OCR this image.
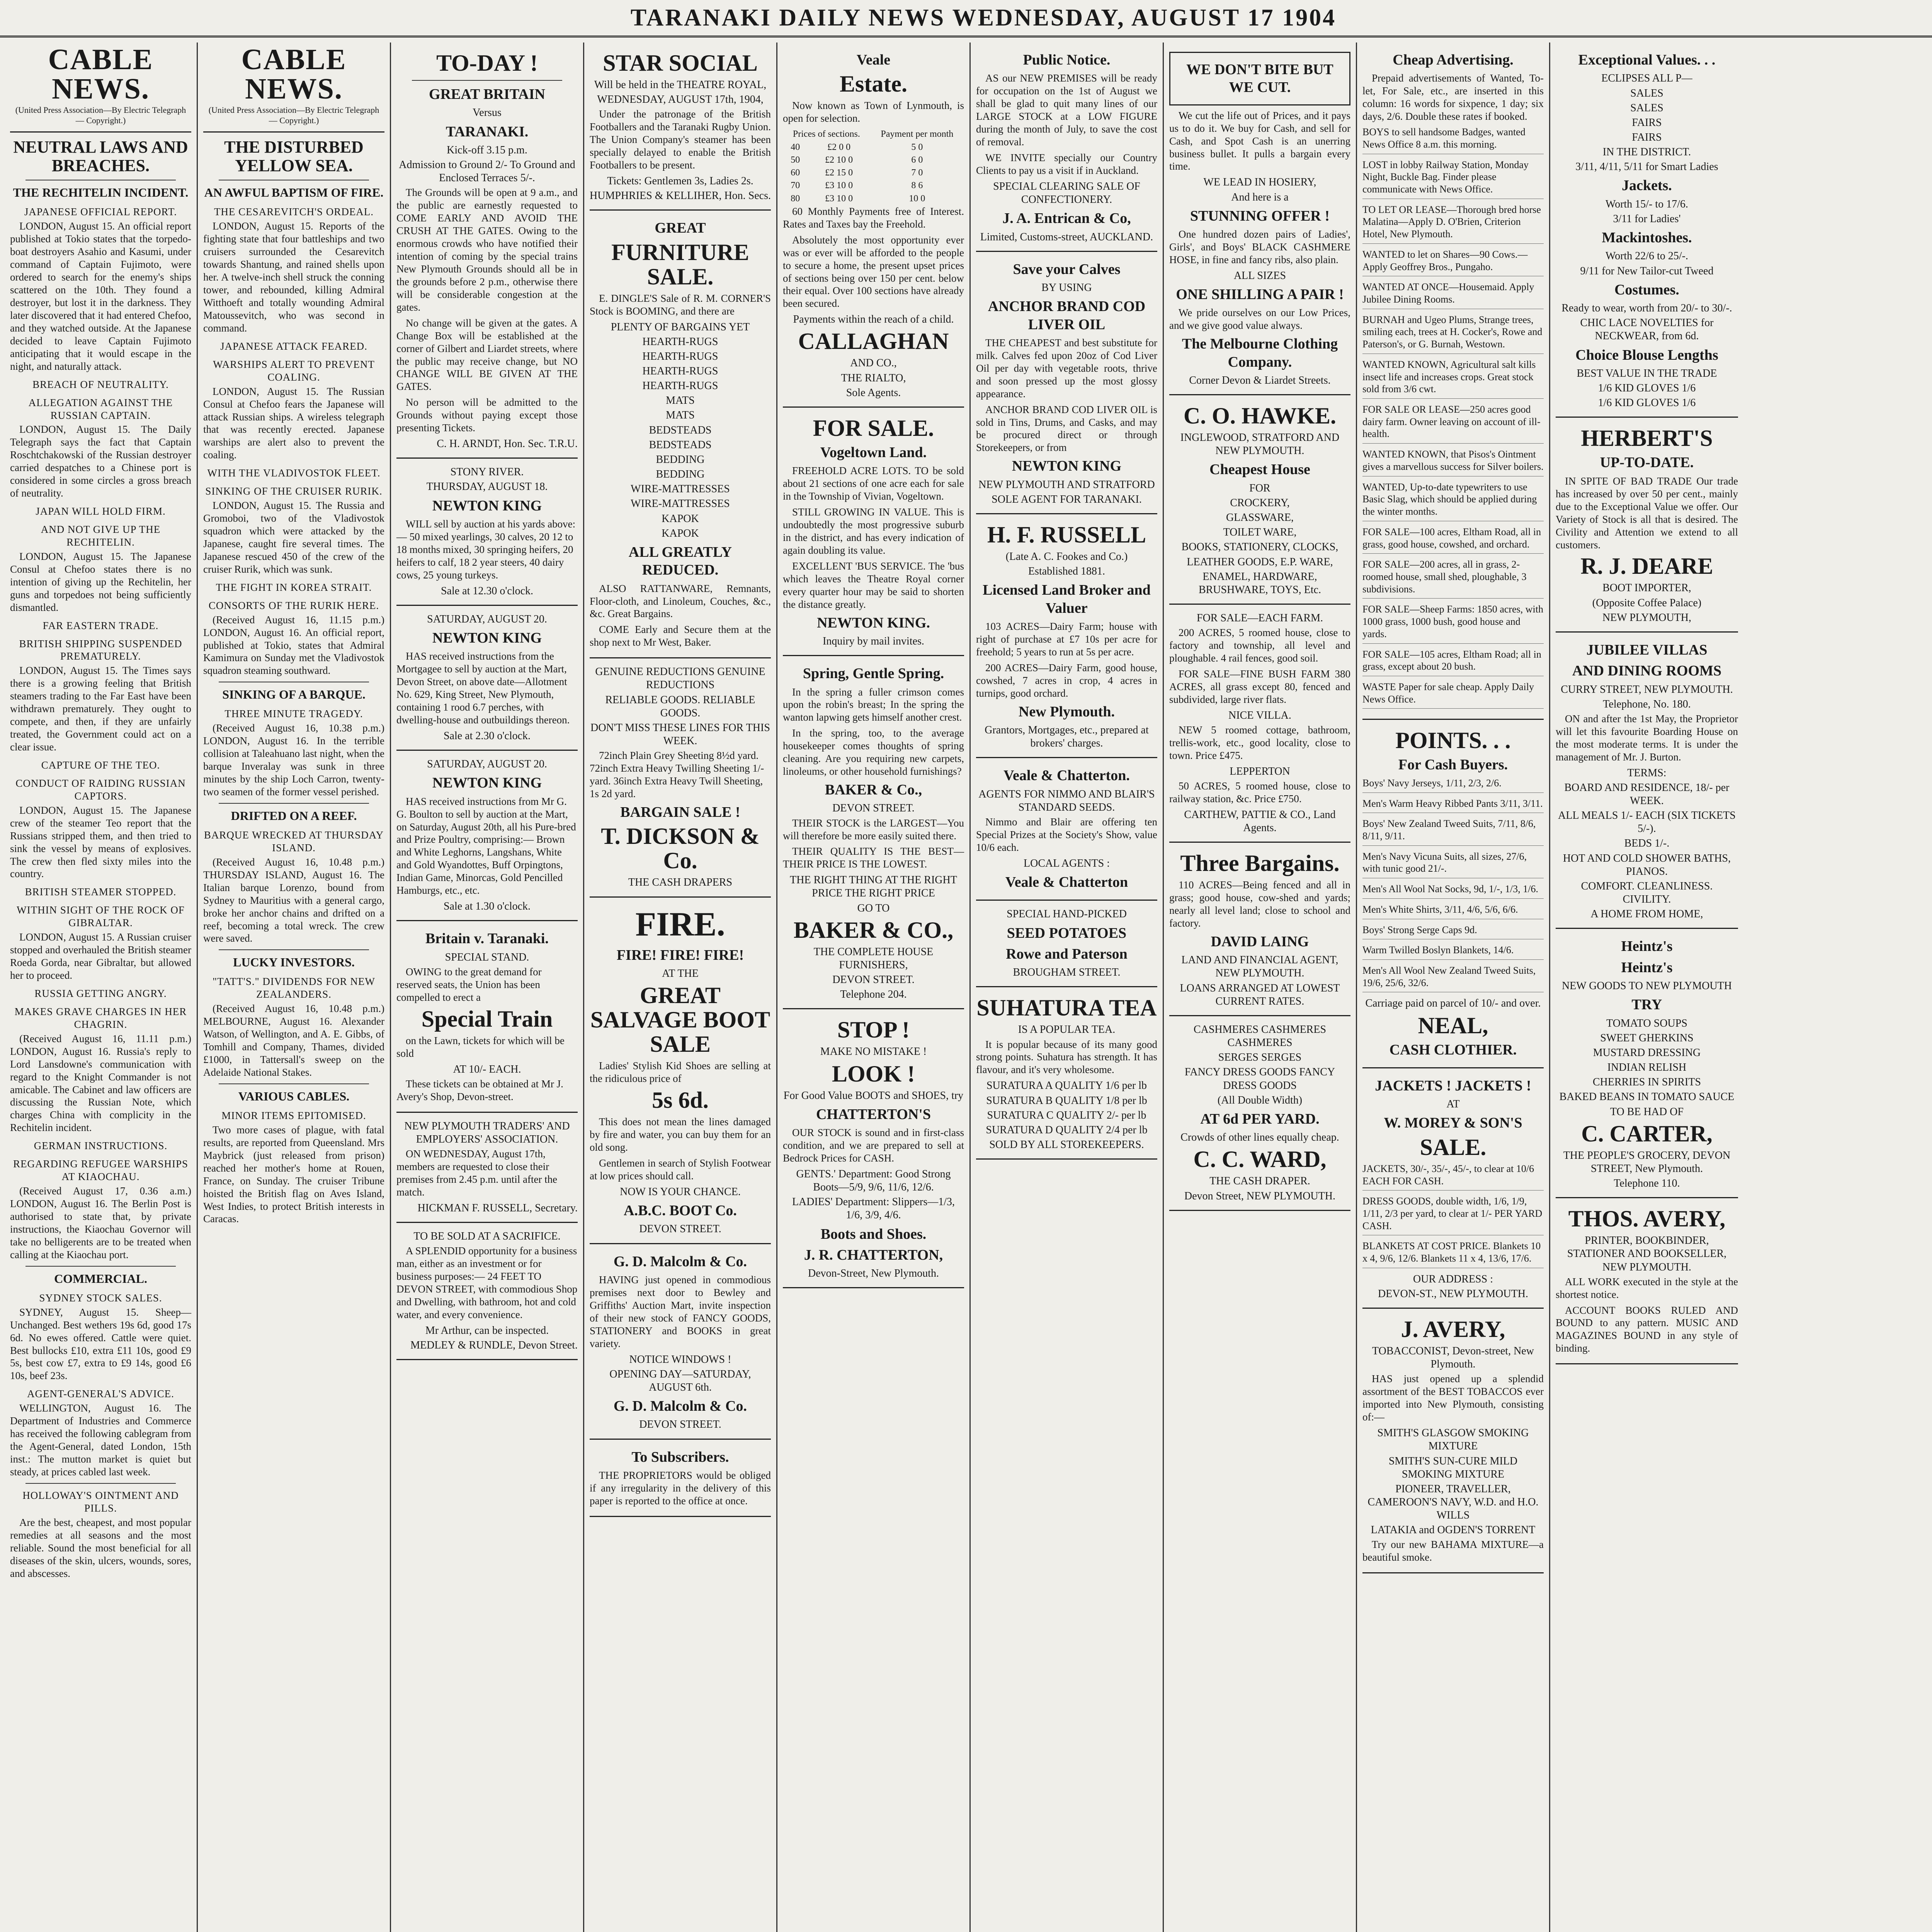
TARANAKI DAILY NEWS WEDNESDAY, AUGUST 17 1904
CABLE NEWS.
(United Press Association—By Electric Telegraph — Copyright.)
NEUTRAL LAWS AND BREACHES.
THE RECHITELIN INCIDENT.
JAPANESE OFFICIAL REPORT.

LONDON, August 15. An official report published at Tokio states that the torpedo-boat destroyers Asahio and Kasumi, under command of Captain Fujimoto, were ordered to search for the enemy's ships scattered on the 10th. They found a destroyer, but lost it in the darkness. They later discovered that it had entered Chefoo, and they watched outside. At the Japanese decided to leave Captain Fujimoto anticipating that it would escape in the night, and naturally attack.

BREACH OF NEUTRALITY.
ALLEGATION AGAINST THE RUSSIAN CAPTAIN.

LONDON, August 15. The Daily Telegraph says the fact that Captain Roschtchakowski of the Russian destroyer carried despatches to a Chinese port is considered in some circles a gross breach of neutrality.

JAPAN WILL HOLD FIRM.
AND NOT GIVE UP THE RECHITELIN.

LONDON, August 15. The Japanese Consul at Chefoo states there is no intention of giving up the Rechitelin, her guns and torpedoes not being sufficiently dismantled.

FAR EASTERN TRADE.
BRITISH SHIPPING SUSPENDED PREMATURELY.

LONDON, August 15. The Times says there is a growing feeling that British steamers trading to the Far East have been withdrawn prematurely. They ought to compete, and then, if they are unfairly treated, the Government could act on a clear issue.

CAPTURE OF THE TEO.
CONDUCT OF RAIDING RUSSIAN CAPTORS.

LONDON, August 15. The Japanese crew of the steamer Teo report that the Russians stripped them, and then tried to sink the vessel by means of explosives. The crew then fled sixty miles into the country.

BRITISH STEAMER STOPPED.
WITHIN SIGHT OF THE ROCK OF GIBRALTAR.

LONDON, August 15. A Russian cruiser stopped and overhauled the British steamer Roeda Gorda, near Gibraltar, but allowed her to proceed.

RUSSIA GETTING ANGRY.
MAKES GRAVE CHARGES IN HER CHAGRIN.

(Received August 16, 11.11 p.m.) LONDON, August 16. Russia's reply to Lord Lansdowne's communication with regard to the Knight Commander is not amicable. The Cabinet and law officers are discussing the Russian Note, which charges China with complicity in the Rechitelin incident.

GERMAN INSTRUCTIONS.
REGARDING REFUGEE WARSHIPS AT KIAOCHAU.

(Received August 17, 0.36 a.m.) LONDON, August 16. The Berlin Post is authorised to state that, by private instructions, the Kiaochau Governor will take no belligerents are to be treated when calling at the Kiaochau port.

COMMERCIAL.
SYDNEY STOCK SALES.

SYDNEY, August 15. Sheep—Unchanged. Best wethers 19s 6d, good 17s 6d. No ewes offered. Cattle were quiet. Best bullocks £10, extra £11 10s, good £9 5s, best cow £7, extra to £9 14s, good £6 10s, beef 23s.

AGENT-GENERAL'S ADVICE.

WELLINGTON, August 16. The Department of Industries and Commerce has received the following cablegram from the Agent-General, dated London, 15th inst.: The mutton market is quiet but steady, at prices cabled last week.

HOLLOWAY'S OINTMENT AND PILLS.

Are the best, cheapest, and most popular remedies at all seasons and the most reliable. Sound the most beneficial for all diseases of the skin, ulcers, wounds, sores, and abscesses.

CABLE NEWS.
(United Press Association—By Electric Telegraph — Copyright.)
THE DISTURBED YELLOW SEA.
AN AWFUL BAPTISM OF FIRE.
THE CESAREVITCH'S ORDEAL.

LONDON, August 15. Reports of the fighting state that four battleships and two cruisers surrounded the Cesarevitch towards Shantung, and rained shells upon her. A twelve-inch shell struck the conning tower, and rebounded, killing Admiral Witthoeft and totally wounding Admiral Matoussevitch, who was second in command.

JAPANESE ATTACK FEARED.
WARSHIPS ALERT TO PREVENT COALING.

LONDON, August 15. The Russian Consul at Chefoo fears the Japanese will attack Russian ships. A wireless telegraph that was recently erected. Japanese warships are alert also to prevent the coaling.

WITH THE VLADIVOSTOK FLEET.
SINKING OF THE CRUISER RURIK.

LONDON, August 15. The Russia and Gromoboi, two of the Vladivostok squadron which were attacked by the Japanese, caught fire several times. The Japanese rescued 450 of the crew of the cruiser Rurik, which was sunk.

THE FIGHT IN KOREA STRAIT.
CONSORTS OF THE RURIK HERE.

(Received August 16, 11.15 p.m.) LONDON, August 16. An official report, published at Tokio, states that Admiral Kamimura on Sunday met the Vladivostok squadron steaming southward.

SINKING OF A BARQUE.
THREE MINUTE TRAGEDY.

(Received August 16, 10.38 p.m.) LONDON, August 16. In the terrible collision at Taleahuano last night, when the barque Inveralay was sunk in three minutes by the ship Loch Carron, twenty-two seamen of the former vessel perished.

DRIFTED ON A REEF.
BARQUE WRECKED AT THURSDAY ISLAND.

(Received August 16, 10.48 p.m.) THURSDAY ISLAND, August 16. The Italian barque Lorenzo, bound from Sydney to Mauritius with a general cargo, broke her anchor chains and drifted on a reef, becoming a total wreck. The crew were saved.

LUCKY INVESTORS.
"TATT'S." DIVIDENDS FOR NEW ZEALANDERS.

(Received August 16, 10.48 p.m.) MELBOURNE, August 16. Alexander Watson, of Wellington, and A. E. Gibbs, of Tomhill and Company, Thames, divided £1000, in Tattersall's sweep on the Adelaide National Stakes.

VARIOUS CABLES.
MINOR ITEMS EPITOMISED.

Two more cases of plague, with fatal results, are reported from Queensland. Mrs Maybrick (just released from prison) reached her mother's home at Rouen, France, on Sunday. The cruiser Tribune hoisted the British flag on Aves Island, West Indies, to protect British interests in Caracas.

TO-DAY !
GREAT BRITAIN
Versus
TARANAKI.
Kick-off 3.15 p.m.
Admission to Ground 2/- To Ground and Enclosed Terraces 5/-.

The Grounds will be open at 9 a.m., and the public are earnestly requested to COME EARLY AND AVOID THE CRUSH AT THE GATES. Owing to the enormous crowds who have notified their intention of coming by the special trains New Plymouth Grounds should all be in the grounds before 2 p.m., otherwise there will be considerable congestion at the gates.

No change will be given at the gates. A Change Box will be established at the corner of Gilbert and Liardet streets, where the public may receive change, but NO CHANGE WILL BE GIVEN AT THE GATES.

No person will be admitted to the Grounds without paying except those presenting Tickets.

C. H. ARNDT, Hon. Sec. T.R.U.
STONY RIVER.
THURSDAY, AUGUST 18.
NEWTON KING

WILL sell by auction at his yards above:— 50 mixed yearlings, 30 calves, 20 12 to 18 months mixed, 30 springing heifers, 20 heifers to calf, 18 2 year steers, 40 dairy cows, 25 young turkeys.

Sale at 12.30 o'clock.
SATURDAY, AUGUST 20.
NEWTON KING

HAS received instructions from the Mortgagee to sell by auction at the Mart, Devon Street, on above date—Allotment No. 629, King Street, New Plymouth, containing 1 rood 6.7 perches, with dwelling-house and outbuildings thereon.

Sale at 2.30 o'clock.
SATURDAY, AUGUST 20.
NEWTON KING

HAS received instructions from Mr G. G. Boulton to sell by auction at the Mart, on Saturday, August 20th, all his Pure-bred and Prize Poultry, comprising:— Brown and White Leghorns, Langshans, White and Gold Wyandottes, Buff Orpingtons, Indian Game, Minorcas, Gold Pencilled Hamburgs, etc., etc.

Sale at 1.30 o'clock.
Britain v. Taranaki.
SPECIAL STAND.

OWING to the great demand for reserved seats, the Union has been compelled to erect a

Special Train

on the Lawn, tickets for which will be sold

AT 10/- EACH.

These tickets can be obtained at Mr J. Avery's Shop, Devon-street.

NEW PLYMOUTH TRADERS' AND EMPLOYERS' ASSOCIATION.

ON WEDNESDAY, August 17th, members are requested to close their premises from 2.45 p.m. until after the match.

HICKMAN F. RUSSELL, Secretary.
TO BE SOLD AT A SACRIFICE.

A SPLENDID opportunity for a business man, either as an investment or for business purposes:— 24 FEET TO DEVON STREET, with commodious Shop and Dwelling, with bathroom, hot and cold water, and every convenience.

Mr Arthur, can be inspected.
MEDLEY & RUNDLE, Devon Street.
STAR SOCIAL
Will be held in the THEATRE ROYAL,
WEDNESDAY, AUGUST 17th, 1904,

Under the patronage of the British Footballers and the Taranaki Rugby Union. The Union Company's steamer has been specially delayed to enable the British Footballers to be present.

Tickets: Gentlemen 3s, Ladies 2s.
HUMPHRIES & KELLIHER, Hon. Secs.
GREAT
FURNITURE SALE.

E. DINGLE'S Sale of R. M. CORNER'S Stock is BOOMING, and there are

PLENTY OF BARGAINS YET
HEARTH-RUGS
HEARTH-RUGS
HEARTH-RUGS
HEARTH-RUGS
MATS
MATS
BEDSTEADS
BEDSTEADS
BEDDING
BEDDING
WIRE-MATTRESSES
WIRE-MATTRESSES
KAPOK
KAPOK
ALL GREATLY REDUCED.

ALSO RATTANWARE, Remnants, Floor-cloth, and Linoleum, Couches, &c., &c. Great Bargains.

COME Early and Secure them at the shop next to Mr West, Baker.

GENUINE REDUCTIONS GENUINE REDUCTIONS
RELIABLE GOODS. RELIABLE GOODS.
DON'T MISS THESE LINES FOR THIS WEEK.

72inch Plain Grey Sheeting 8½d yard. 72inch Extra Heavy Twilling Sheeting 1/- yard. 36inch Extra Heavy Twill Sheeting, 1s 2d yard.

BARGAIN SALE !
T. DICKSON & Co.
THE CASH DRAPERS
FIRE.
FIRE! FIRE! FIRE!
AT THE
GREAT SALVAGE BOOT SALE

Ladies' Stylish Kid Shoes are selling at the ridiculous price of

5s 6d.

This does not mean the lines damaged by fire and water, you can buy them for an old song.

Gentlemen in search of Stylish Footwear at low prices should call.

NOW IS YOUR CHANCE.
A.B.C. BOOT Co.
DEVON STREET.
G. D. Malcolm & Co.

HAVING just opened in commodious premises next door to Bewley and Griffiths' Auction Mart, invite inspection of their new stock of FANCY GOODS, STATIONERY and BOOKS in great variety.

NOTICE WINDOWS !
OPENING DAY—SATURDAY, AUGUST 6th.
G. D. Malcolm & Co.
DEVON STREET.
To Subscribers.

THE PROPRIETORS would be obliged if any irregularity in the delivery of this paper is reported to the office at once.

Veale
Estate.

Now known as Town of Lynmouth, is open for selection.

Prices of sections.		Payment per month
40	£2 0 0	5 0
50	£2 10 0	6 0
60	£2 15 0	7 0
70	£3 10 0	8 6
80	£3 10 0	10 0

60 Monthly Payments free of Interest. Rates and Taxes bay the Freehold.

Absolutely the most opportunity ever was or ever will be afforded to the people to secure a home, the present upset prices of sections being over 150 per cent. below their equal. Over 100 sections have already been secured.

Payments within the reach of a child.
CALLAGHAN
AND CO.,
THE RIALTO,
Sole Agents.
FOR SALE.
Vogeltown Land.

FREEHOLD ACRE LOTS. TO be sold about 21 sections of one acre each for sale in the Township of Vivian, Vogeltown.

STILL GROWING IN VALUE. This is undoubtedly the most progressive suburb in the district, and has every indication of again doubling its value.

EXCELLENT 'BUS SERVICE. The 'bus which leaves the Theatre Royal corner every quarter hour may be said to shorten the distance greatly.

NEWTON KING.
Inquiry by mail invites.
Spring, Gentle Spring.

In the spring a fuller crimson comes upon the robin's breast; In the spring the wanton lapwing gets himself another crest.

In the spring, too, to the average housekeeper comes thoughts of spring cleaning. Are you requiring new carpets, linoleums, or other household furnishings?

BAKER & Co.,
DEVON STREET.

THEIR STOCK is the LARGEST—You will therefore be more easily suited there.

THEIR QUALITY IS THE BEST—THEIR PRICE IS THE LOWEST.

THE RIGHT THING AT THE RIGHT PRICE THE RIGHT PRICE
GO TO
BAKER & CO.,
THE COMPLETE HOUSE FURNISHERS,
DEVON STREET.
Telephone 204.
STOP !
MAKE NO MISTAKE !
LOOK !
For Good Value BOOTS and SHOES, try
CHATTERTON'S

OUR STOCK is sound and in first-class condition, and we are prepared to sell at Bedrock Prices for CASH.

GENTS.' Department: Good Strong Boots—5/9, 9/6, 11/6, 12/6.
LADIES' Department: Slippers—1/3, 1/6, 3/9, 4/6.
Boots and Shoes.
J. R. CHATTERTON,
Devon-Street, New Plymouth.
Public Notice.

AS our NEW PREMISES will be ready for occupation on the 1st of August we shall be glad to quit many lines of our LARGE STOCK at a LOW FIGURE during the month of July, to save the cost of removal.

WE INVITE specially our Country Clients to pay us a visit if in Auckland.

SPECIAL CLEARING SALE OF CONFECTIONERY.
J. A. Entrican & Co,
Limited, Customs-street, AUCKLAND.
Save your Calves
BY USING
ANCHOR BRAND COD LIVER OIL

THE CHEAPEST and best substitute for milk. Calves fed upon 20oz of Cod Liver Oil per day with vegetable roots, thrive and soon pressed up the most glossy appearance.

ANCHOR BRAND COD LIVER OIL is sold in Tins, Drums, and Casks, and may be procured direct or through Storekeepers, or from

NEWTON KING
NEW PLYMOUTH AND STRATFORD
SOLE AGENT FOR TARANAKI.
H. F. RUSSELL
(Late A. C. Fookes and Co.)
Established 1881.
Licensed Land Broker and Valuer

103 ACRES—Dairy Farm; house with right of purchase at £7 10s per acre for freehold; 5 years to run at 5s per acre.

200 ACRES—Dairy Farm, good house, cowshed, 7 acres in crop, 4 acres in turnips, good orchard.

New Plymouth.
Grantors, Mortgages, etc., prepared at brokers' charges.
Veale & Chatterton.
AGENTS FOR NIMMO AND BLAIR'S STANDARD SEEDS.

Nimmo and Blair are offering ten Special Prizes at the Society's Show, value 10/6 each.

LOCAL AGENTS :
Veale & Chatterton
SPECIAL HAND-PICKED
SEED POTATOES
Rowe and Paterson
BROUGHAM STREET.
SUHATURA TEA
IS A POPULAR TEA.

It is popular because of its many good strong points. Suhatura has strength. It has flavour, and it's very wholesome.

SURATURA A QUALITY 1/6 per lb
SURATURA B QUALITY 1/8 per lb
SURATURA C QUALITY 2/- per lb
SURATURA D QUALITY 2/4 per lb
SOLD BY ALL STOREKEEPERS.
WE DON'T BITE BUT WE CUT.

We cut the life out of Prices, and it pays us to do it. We buy for Cash, and sell for Cash, and Spot Cash is an unerring business bullet. It pulls a bargain every time.

WE LEAD IN HOSIERY,
And here is a
STUNNING OFFER !

One hundred dozen pairs of Ladies', Girls', and Boys' BLACK CASHMERE HOSE, in fine and fancy ribs, also plain.

ALL SIZES
ONE SHILLING A PAIR !

We pride ourselves on our Low Prices, and we give good value always.

The Melbourne Clothing Company.
Corner Devon & Liardet Streets.
C. O. HAWKE.
INGLEWOOD, STRATFORD AND NEW PLYMOUTH.
Cheapest House
FOR
CROCKERY,
GLASSWARE,
TOILET WARE,
BOOKS, STATIONERY, CLOCKS,
LEATHER GOODS, E.P. WARE,
ENAMEL, HARDWARE, BRUSHWARE, TOYS, Etc.
FOR SALE—EACH FARM.

200 ACRES, 5 roomed house, close to factory and township, all level and ploughable. 4 rail fences, good soil.

FOR SALE—FINE BUSH FARM 380 ACRES, all grass except 80, fenced and subdivided, large river flats.

NICE VILLA.

NEW 5 roomed cottage, bathroom, trellis-work, etc., good locality, close to town. Price £475.

LEPPERTON

50 ACRES, 5 roomed house, close to railway station, &c. Price £750.

CARTHEW, PATTIE & CO., Land Agents.
Three Bargains.

110 ACRES—Being fenced and all in grass; good house, cow-shed and yards; nearly all level land; close to school and factory.

DAVID LAING
LAND AND FINANCIAL AGENT, NEW PLYMOUTH.
LOANS ARRANGED AT LOWEST CURRENT RATES.
CASHMERES CASHMERES CASHMERES
SERGES SERGES
FANCY DRESS GOODS FANCY DRESS GOODS
(All Double Width)
AT 6d PER YARD.
Crowds of other lines equally cheap.
C. C. WARD,
THE CASH DRAPER.
Devon Street, NEW PLYMOUTH.
Cheap Advertising.

Prepaid advertisements of Wanted, To-let, For Sale, etc., are inserted in this column: 16 words for sixpence, 1 day; six days, 2/6. Double these rates if booked.

BOYS to sell handsome Badges, wanted News Office 8 a.m. this morning.
LOST in lobby Railway Station, Monday Night, Buckle Bag. Finder please communicate with News Office.
TO LET OR LEASE—Thorough bred horse Malatina—Apply D. O'Brien, Criterion Hotel, New Plymouth.
WANTED to let on Shares—90 Cows.—Apply Geoffrey Bros., Pungaho.
WANTED AT ONCE—Housemaid. Apply Jubilee Dining Rooms.
BURNAH and Ugeo Plums, Strange trees, smiling each, trees at H. Cocker's, Rowe and Paterson's, or G. Burnah, Westown.
WANTED KNOWN, Agricultural salt kills insect life and increases crops. Great stock sold from 3/6 cwt.
FOR SALE OR LEASE—250 acres good dairy farm. Owner leaving on account of ill-health.
WANTED KNOWN, that Pisos's Ointment gives a marvellous success for Silver boilers.
WANTED, Up-to-date typewriters to use Basic Slag, which should be applied during the winter months.
FOR SALE—100 acres, Eltham Road, all in grass, good house, cowshed, and orchard.
FOR SALE—200 acres, all in grass, 2-roomed house, small shed, ploughable, 3 subdivisions.
FOR SALE—Sheep Farms: 1850 acres, with 1000 grass, 1000 bush, good house and yards.
FOR SALE—105 acres, Eltham Road; all in grass, except about 20 bush.
WASTE Paper for sale cheap. Apply Daily News Office.
POINTS. . .
For Cash Buyers.
Boys' Navy Jerseys, 1/11, 2/3, 2/6.
Men's Warm Heavy Ribbed Pants 3/11, 3/11.
Boys' New Zealand Tweed Suits, 7/11, 8/6, 8/11, 9/11.
Men's Navy Vicuna Suits, all sizes, 27/6, with tunic good 21/-.
Men's All Wool Nat Socks, 9d, 1/-, 1/3, 1/6.
Men's White Shirts, 3/11, 4/6, 5/6, 6/6.
Boys' Strong Serge Caps 9d.
Warm Twilled Boslyn Blankets, 14/6.
Men's All Wool New Zealand Tweed Suits, 19/6, 25/6, 32/6.
Carriage paid on parcel of 10/- and over.
NEAL,
CASH CLOTHIER.
JACKETS ! JACKETS !
AT
W. MOREY & SON'S
SALE.
JACKETS, 30/-, 35/-, 45/-, to clear at 10/6 EACH FOR CASH.
DRESS GOODS, double width, 1/6, 1/9, 1/11, 2/3 per yard, to clear at 1/- PER YARD CASH.
BLANKETS AT COST PRICE. Blankets 10 x 4, 9/6, 12/6. Blankets 11 x 4, 13/6, 17/6.
OUR ADDRESS :
DEVON-ST., NEW PLYMOUTH.
J. AVERY,
TOBACCONIST, Devon-street, New Plymouth.

HAS just opened up a splendid assortment of the BEST TOBACCOS ever imported into New Plymouth, consisting of:—

SMITH'S GLASGOW SMOKING MIXTURE
SMITH'S SUN-CURE MILD SMOKING MIXTURE
PIONEER, TRAVELLER, CAMEROON'S NAVY, W.D. and H.O. WILLS
LATAKIA and OGDEN'S TORRENT

Try our new BAHAMA MIXTURE—a beautiful smoke.

Exceptional Values. . .
ECLIPSES ALL P—
SALES
SALES
FAIRS
FAIRS
IN THE DISTRICT.
3/11, 4/11, 5/11 for Smart Ladies
Jackets.
Worth 15/- to 17/6.
3/11 for Ladies'
Mackintoshes.
Worth 22/6 to 25/-.
9/11 for New Tailor-cut Tweed
Costumes.
Ready to wear, worth from 20/- to 30/-.
CHIC LACE NOVELTIES for NECKWEAR, from 6d.
Choice Blouse Lengths
BEST VALUE IN THE TRADE
1/6 KID GLOVES 1/6
1/6 KID GLOVES 1/6
HERBERT'S
UP-TO-DATE.

IN SPITE OF BAD TRADE Our trade has increased by over 50 per cent., mainly due to the Exceptional Value we offer. Our Variety of Stock is all that is desired. The Civility and Attention we extend to all customers.

R. J. DEARE
BOOT IMPORTER,
(Opposite Coffee Palace)
NEW PLYMOUTH,
JUBILEE VILLAS
AND DINING ROOMS
CURRY STREET, NEW PLYMOUTH.
Telephone, No. 180.

ON and after the 1st May, the Proprietor will let this favourite Boarding House on the most moderate terms. It is under the management of Mr. J. Burton.

TERMS:
BOARD AND RESIDENCE, 18/- per WEEK.
ALL MEALS 1/- EACH (SIX TICKETS 5/-).
BEDS 1/-.
HOT AND COLD SHOWER BATHS, PIANOS.
COMFORT. CLEANLINESS. CIVILITY.
A HOME FROM HOME,
Heintz's
Heintz's
NEW GOODS TO NEW PLYMOUTH
TRY
TOMATO SOUPS
SWEET GHERKINS
MUSTARD DRESSING
INDIAN RELISH
CHERRIES IN SPIRITS
BAKED BEANS IN TOMATO SAUCE
TO BE HAD OF
C. CARTER,
THE PEOPLE'S GROCERY, DEVON STREET, New Plymouth.
Telephone 110.
THOS. AVERY,
PRINTER, BOOKBINDER, STATIONER AND BOOKSELLER, NEW PLYMOUTH.

ALL WORK executed in the style at the shortest notice.

ACCOUNT BOOKS RULED AND BOUND to any pattern. MUSIC AND MAGAZINES BOUND in any style of binding.
